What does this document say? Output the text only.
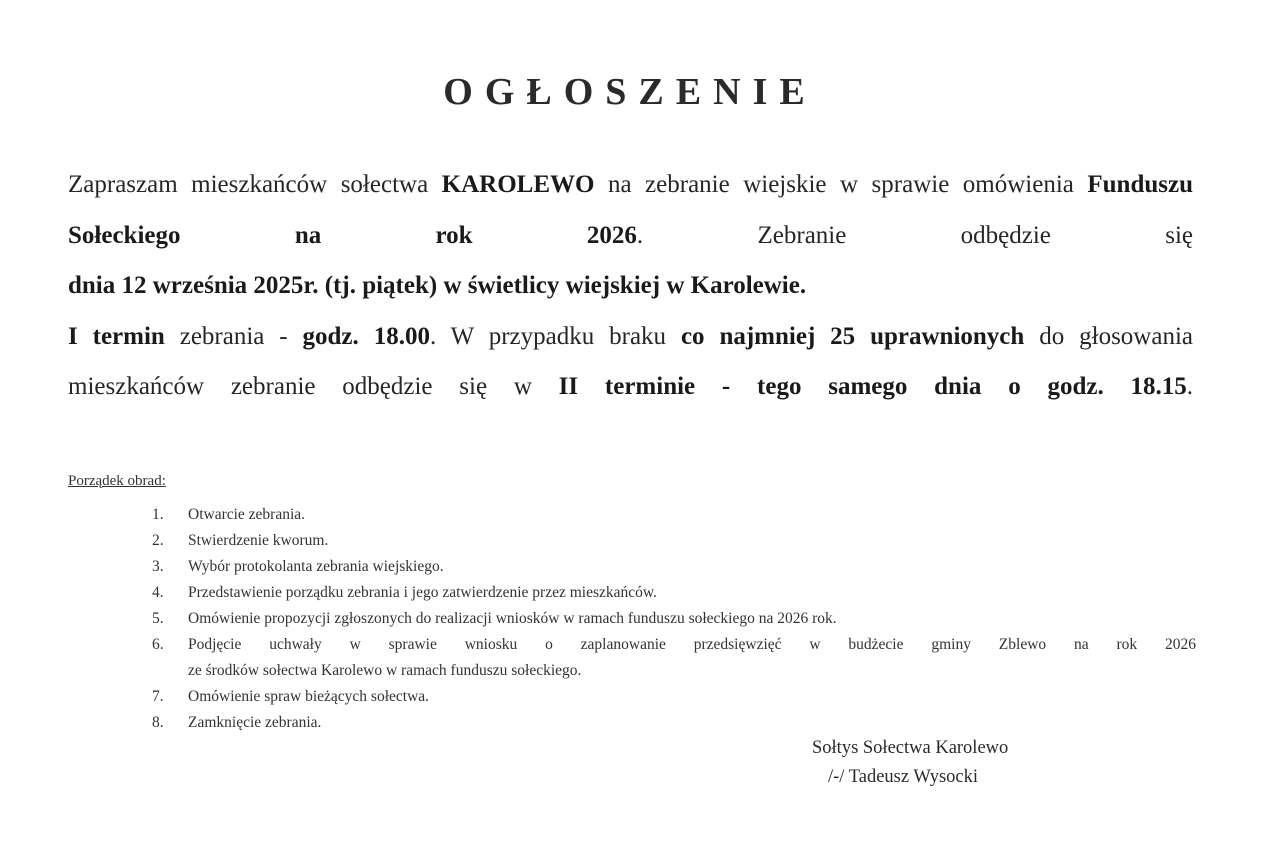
OGŁOSZENIE
Zapraszam mieszkańców sołectwa KAROLEWO na zebranie wiejskie w sprawie omówienia Funduszu Sołeckiego na rok 2026. Zebranie odbędzie się
dnia 12 września 2025r. (tj. piątek) w świetlicy wiejskiej w Karolewie.
I termin zebrania - godz. 18.00. W przypadku braku co najmniej 25 uprawnionych do głosowania mieszkańców zebranie odbędzie się w II terminie - tego samego dnia o godz. 18.15.
Porządek obrad:
1.	Otwarcie zebrania.
2.	Stwierdzenie kworum.
3.	Wybór protokolanta zebrania wiejskiego.
4.	Przedstawienie porządku zebrania i jego zatwierdzenie przez mieszkańców.
5.	Omówienie propozycji zgłoszonych do realizacji wniosków w ramach funduszu sołeckiego na 2026 rok.
6.	Podjęcie uchwały w sprawie wniosku o zaplanowanie przedsięwzięć w budżecie gminy Zblewo na rok 2026
ze środków sołectwa Karolewo w ramach funduszu sołeckiego.
7.	Omówienie spraw bieżących sołectwa.
8.	Zamknięcie zebrania.
Sołtys Sołectwa Karolewo
/-/ Tadeusz Wysocki
